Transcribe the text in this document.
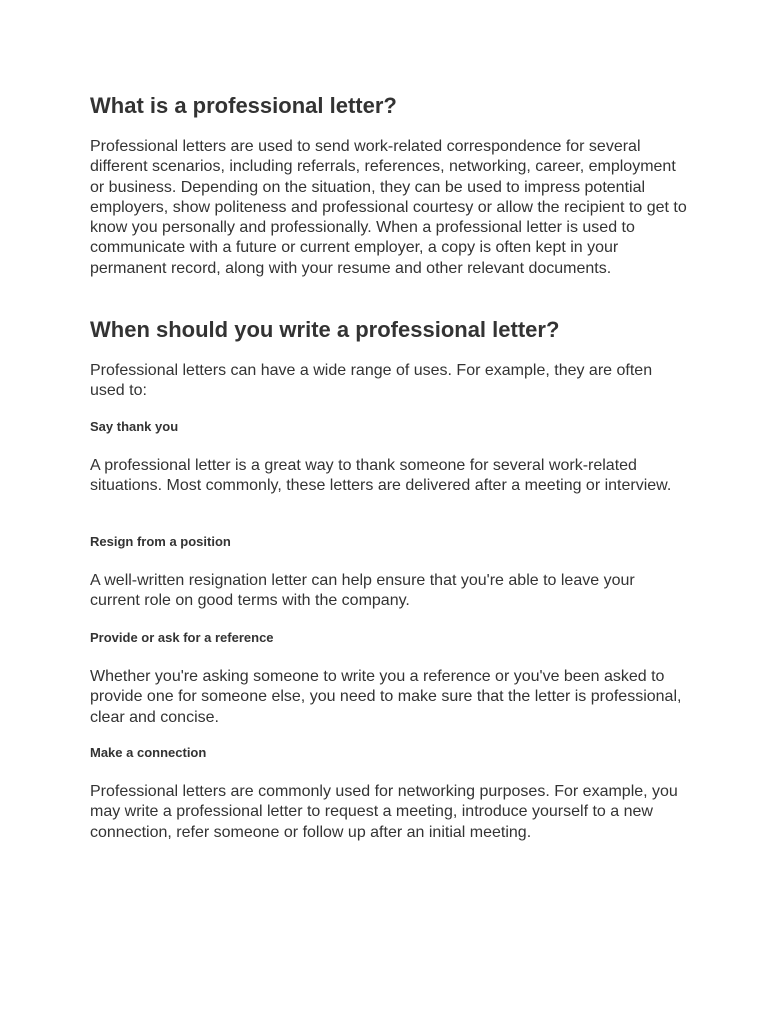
What is a professional letter?

Professional letters are used to send work-related correspondence for several different scenarios, including referrals, references, networking, career, employment or business. Depending on the situation, they can be used to impress potential employers, show politeness and professional courtesy or allow the recipient to get to know you personally and professionally. When a professional letter is used to communicate with a future or current employer, a copy is often kept in your permanent record, along with your resume and other relevant documents.

When should you write a professional letter?

Professional letters can have a wide range of uses. For example, they are often used to:

Say thank you

A professional letter is a great way to thank someone for several work-related situations. Most commonly, these letters are delivered after a meeting or interview.

Resign from a position

A well-written resignation letter can help ensure that you're able to leave your current role on good terms with the company.

Provide or ask for a reference

Whether you're asking someone to write you a reference or you've been asked to provide one for someone else, you need to make sure that the letter is professional, clear and concise.

Make a connection

Professional letters are commonly used for networking purposes. For example, you may write a professional letter to request a meeting, introduce yourself to a new connection, refer someone or follow up after an initial meeting.
